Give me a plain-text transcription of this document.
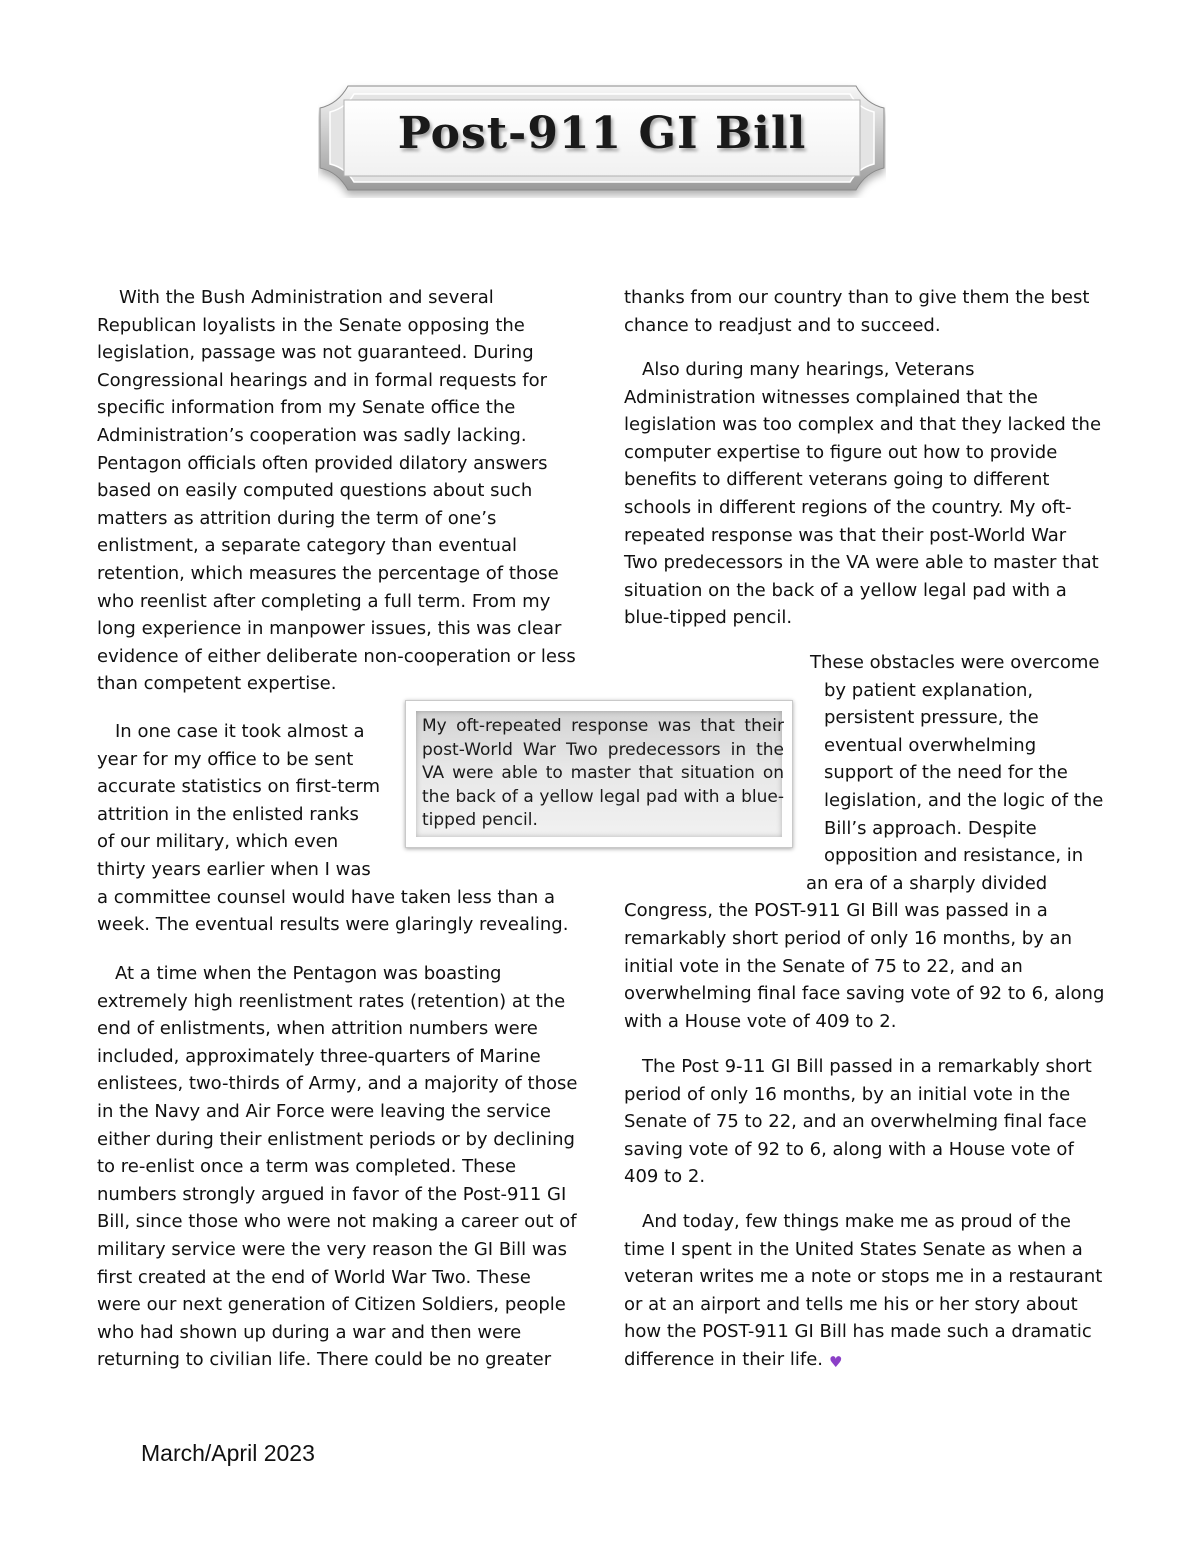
Post-911 GI Bill
With the Bush Administration and several
Republican loyalists in the Senate opposing the
legislation, passage was not guaranteed. During
Congressional hearings and in formal requests for
specific information from my Senate office the
Administration’s cooperation was sadly lacking.
Pentagon officials often provided dilatory answers
based on easily computed questions about such
matters as attrition during the term of one’s
enlistment, a separate category than eventual
retention, which measures the percentage of those
who reenlist after completing a full term. From my
long experience in manpower issues, this was clear
evidence of either deliberate non-cooperation or less
than competent expertise.
In one case it took almost a
year for my office to be sent
accurate statistics on first-term
attrition in the enlisted ranks
of our military, which even
thirty years earlier when I was
a committee counsel would have taken less than a
week. The eventual results were glaringly revealing.
At a time when the Pentagon was boasting
extremely high reenlistment rates (retention) at the
end of enlistments, when attrition numbers were
included, approximately three-quarters of Marine
enlistees, two-thirds of Army, and a majority of those
in the Navy and Air Force were leaving the service
either during their enlistment periods or by declining
to re-enlist once a term was completed. These
numbers strongly argued in favor of the Post-911 GI
Bill, since those who were not making a career out of
military service were the very reason the GI Bill was
first created at the end of World War Two. These
were our next generation of Citizen Soldiers, people
who had shown up during a war and then were
returning to civilian life. There could be no greater
thanks from our country than to give them the best
chance to readjust and to succeed.
Also during many hearings, Veterans
Administration witnesses complained that the
legislation was too complex and that they lacked the
computer expertise to figure out how to provide
benefits to different veterans going to different
schools in different regions of the country. My oft-
repeated response was that their post-World War
Two predecessors in the VA were able to master that
situation on the back of a yellow legal pad with a
blue-tipped pencil.
These obstacles were overcome
by patient explanation,
persistent pressure, the
eventual overwhelming
support of the need for the
legislation, and the logic of the
Bill’s approach. Despite
opposition and resistance, in
an era of a sharply divided
Congress, the POST-911 GI Bill was passed in a
remarkably short period of only 16 months, by an
initial vote in the Senate of 75 to 22, and an
overwhelming final face saving vote of 92 to 6, along
with a House vote of 409 to 2.
The Post 9-11 GI Bill passed in a remarkably short
period of only 16 months, by an initial vote in the
Senate of 75 to 22, and an overwhelming final face
saving vote of 92 to 6, along with a House vote of
409 to 2.
And today, few things make me as proud of the
time I spent in the United States Senate as when a
veteran writes me a note or stops me in a restaurant
or at an airport and tells me his or her story about
how the POST-911 GI Bill has made such a dramatic
difference in their life. ♥
My oft-repeated response was that their
post-World War Two predecessors in the
VA were able to master that situation on
the back of a yellow legal pad with a blue-
tipped pencil.
March/April 2023
